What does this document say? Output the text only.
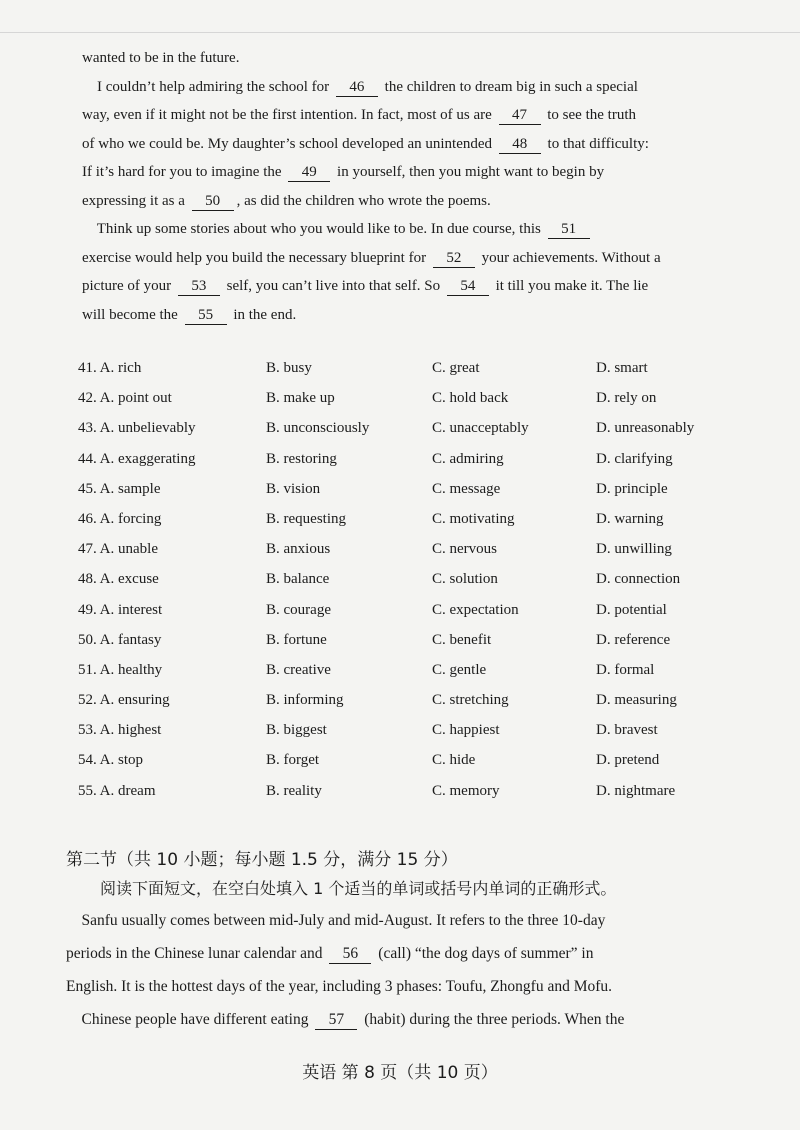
wanted to be in the future.
I couldn’t help admiring the school for 46 the children to dream big in such a special
way, even if it might not be the first intention. In fact, most of us are 47 to see the truth
of who we could be. My daughter’s school developed an unintended 48 to that difficulty:
If it’s hard for you to imagine the 49 in yourself, then you might want to begin by
expressing it as a 50 , as did the children who wrote the poems.
Think up some stories about who you would like to be. In due course, this 51
exercise would help you build the necessary blueprint for 52 your achievements. Without a
picture of your 53 self, you can’t live into that self. So 54 it till you make it. The lie
will become the 55 in the end.
41. A. rich	B. busy	C. great	D. smart
42. A. point out	B. make up	C. hold back	D. rely on
43. A. unbelievably	B. unconsciously	C. unacceptably	D. unreasonably
44. A. exaggerating	B. restoring	C. admiring	D. clarifying
45. A. sample	B. vision	C. message	D. principle
46. A. forcing	B. requesting	C. motivating	D. warning
47. A. unable	B. anxious	C. nervous	D. unwilling
48. A. excuse	B. balance	C. solution	D. connection
49. A. interest	B. courage	C. expectation	D. potential
50. A. fantasy	B. fortune	C. benefit	D. reference
51. A. healthy	B. creative	C. gentle	D. formal
52. A. ensuring	B. informing	C. stretching	D. measuring
53. A. highest	B. biggest	C. happiest	D. bravest
54. A. stop	B. forget	C. hide	D. pretend
55. A. dream	B. reality	C. memory	D. nightmare
第二节（共 10 小题；每小题 1.5 分，满分 15 分）
阅读下面短文，在空白处填入 1 个适当的单词或括号内单词的正确形式。
Sanfu usually comes between mid-July and mid-August. It refers to the three 10-day
periods in the Chinese lunar calendar and 56 (call) “the dog days of summer” in
English. It is the hottest days of the year, including 3 phases: Toufu, Zhongfu and Mofu.
Chinese people have different eating 57 (habit) during the three periods. When the
英语 第 8 页（共 10 页）
